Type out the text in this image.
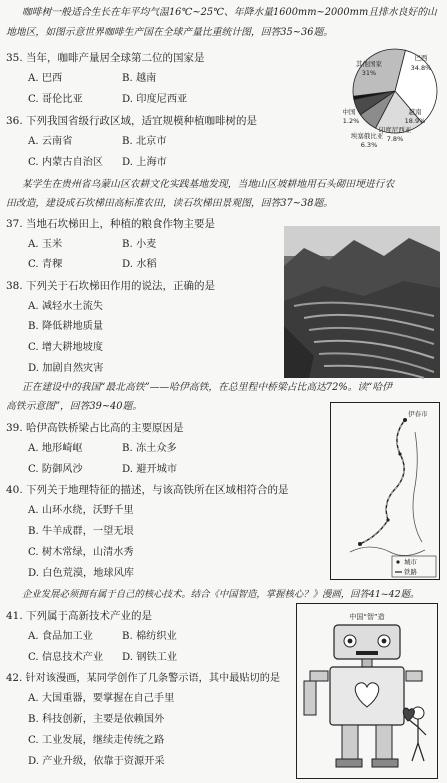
咖啡树一般适合生长在年平均气温16℃~25℃、年降水量1600mm~2000mm且排水良好的山
地地区，如图示意世界咖啡生产国在全球产量比重统计图，回答35~36题。
巴西
34.8%
越南
18.9%
印度尼西亚
7.8%
埃塞俄比亚
6.3%
中国
1.2%
其他国家
31%
35. 当年，咖啡产量居全球第二位的国家是
A. 巴西	B. 越南
C. 哥伦比亚	D. 印度尼西亚
36. 下列我国省级行政区域，适宜规模种植咖啡树的是
A. 云南省	B. 北京市
C. 内蒙古自治区 D. 上海市
某学生在贵州省乌蒙山区农耕文化实践基地发现，当地山区坡耕地用石头砌田埂进行农
田改造，建设成石坎梯田高标准农田，读石坎梯田景观图，回答37~38题。
37. 当地石坎梯田上，种植的粮食作物主要是
A. 玉米	B. 小麦
C. 青稞	D. 水稻
38. 下列关于石坎梯田作用的说法，正确的是
A. 减轻水土流失
B. 降低耕地质量
C. 增大耕地坡度
D. 加剧自然灾害
正在建设中的我国“最北高铁”——哈伊高铁，在总里程中桥梁占比高达72%。读“哈伊
高铁示意图”，回答39~40题。
39. 哈伊高铁桥梁占比高的主要原因是
A. 地形崎岖	B. 冻土众多
C. 防御风沙	D. 避开城市
伊春市
城市
铁路
40. 下列关于地理特征的描述，与该高铁所在区域相符合的是
A. 山环水绕，沃野千里
B. 牛羊成群，一望无垠
C. 树木常绿，山清水秀
D. 白色荒漠，地球风库
企业发展必须拥有属于自己的核心技术。结合《中国智造，掌握核心？》漫画，回答41~42题。
41. 下列属于高新技术产业的是
A. 食品加工业	B. 棉纺织业
C. 信息技术产业 D. 钢铁工业
中国“智”造
42. 针对该漫画，某同学创作了几条警示语，其中最贴切的是
A. 大国重器，要掌握在自己手里
B. 科技创新，主要是依赖国外
C. 工业发展，继续走传统之路
D. 产业升级，依靠于资源开采
